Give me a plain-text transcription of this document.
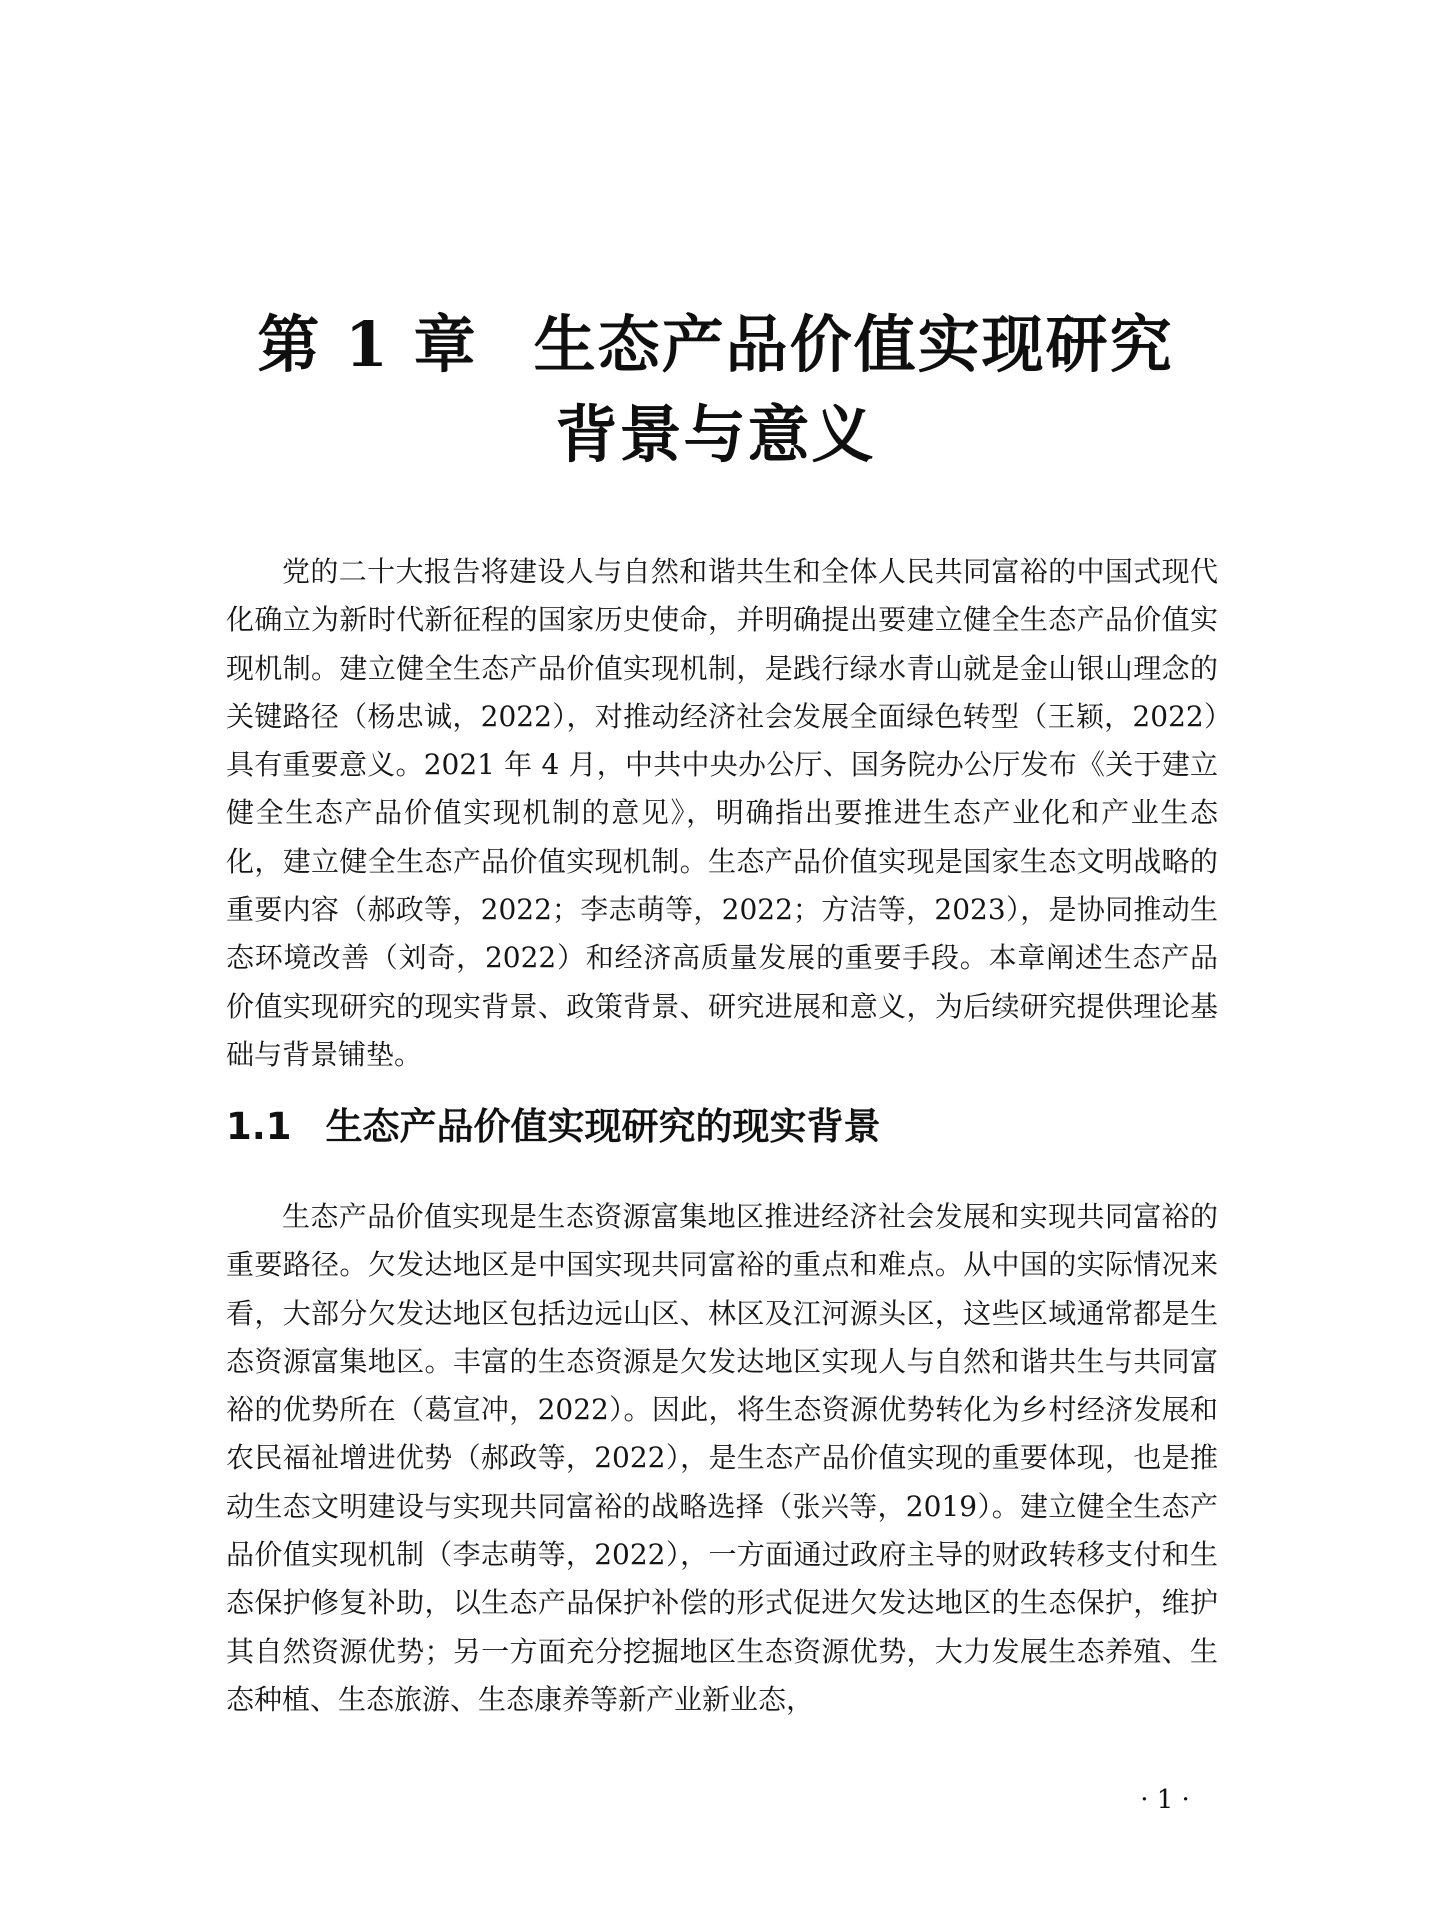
第 1 章 生态产品价值实现研究
背景与意义

党的二十大报告将建设人与自然和谐共生和全体人民共同富裕的中国式现代化确立为新时代新征程的国家历史使命，并明确提出要建立健全生态产品价值实现机制。建立健全生态产品价值实现机制，是践行绿水青山就是金山银山理念的关键路径（杨忠诚，2022），对推动经济社会发展全面绿色转型（王颖，2022）具有重要意义。2021 年 4 月，中共中央办公厅、国务院办公厅发布《关于建立健全生态产品价值实现机制的意见》，明确指出要推进生态产业化和产业生态化，建立健全生态产品价值实现机制。生态产品价值实现是国家生态文明战略的重要内容（郝政等，2022；李志萌等，2022；方洁等，2023），是协同推动生态环境改善（刘奇，2022）和经济高质量发展的重要手段。本章阐述生态产品价值实现研究的现实背景、政策背景、研究进展和意义，为后续研究提供理论基础与背景铺垫。

1.1 生态产品价值实现研究的现实背景

生态产品价值实现是生态资源富集地区推进经济社会发展和实现共同富裕的重要路径。欠发达地区是中国实现共同富裕的重点和难点。从中国的实际情况来看，大部分欠发达地区包括边远山区、林区及江河源头区，这些区域通常都是生态资源富集地区。丰富的生态资源是欠发达地区实现人与自然和谐共生与共同富裕的优势所在（葛宣冲，2022）。因此，将生态资源优势转化为乡村经济发展和农民福祉增进优势（郝政等，2022），是生态产品价值实现的重要体现，也是推动生态文明建设与实现共同富裕的战略选择（张兴等，2019）。建立健全生态产品价值实现机制（李志萌等，2022），一方面通过政府主导的财政转移支付和生态保护修复补助，以生态产品保护补偿的形式促进欠发达地区的生态保护，维护其自然资源优势；另一方面充分挖掘地区生态资源优势，大力发展生态养殖、生态种植、生态旅游、生态康养等新产业新业态，

· 1 ·
